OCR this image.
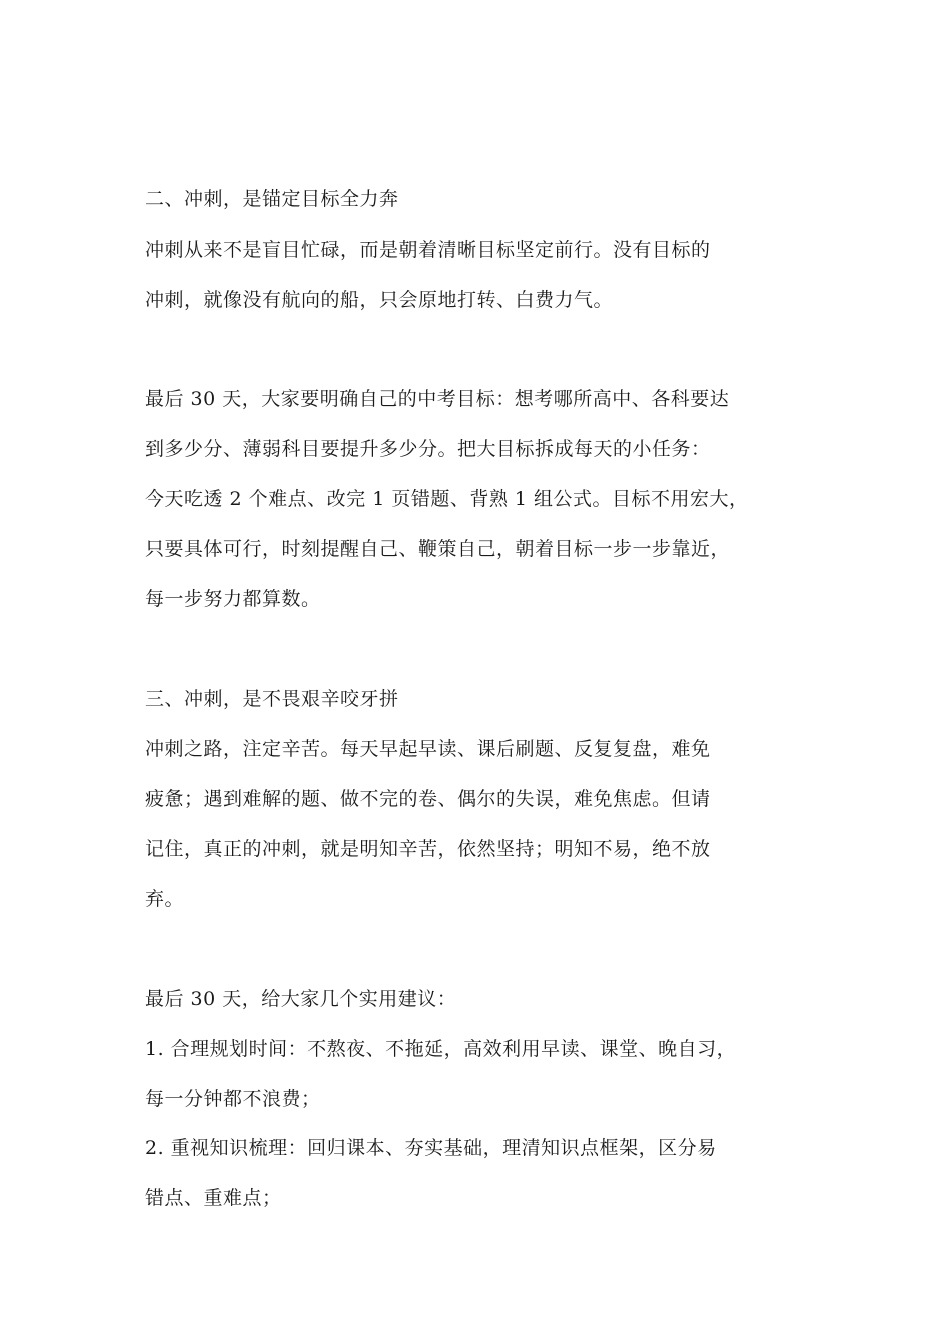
二、冲刺，是锚定目标全力奔
冲刺从来不是盲目忙碌，而是朝着清晰目标坚定前行。没有目标的
冲刺，就像没有航向的船，只会原地打转、白费力气。
最后 30 天，大家要明确自己的中考目标：想考哪所高中、各科要达
到多少分、薄弱科目要提升多少分。把大目标拆成每天的小任务：
今天吃透 2 个难点、改完 1 页错题、背熟 1 组公式。目标不用宏大，
只要具体可行，时刻提醒自己、鞭策自己，朝着目标一步一步靠近，
每一步努力都算数。
三、冲刺，是不畏艰辛咬牙拼
冲刺之路，注定辛苦。每天早起早读、课后刷题、反复复盘，难免
疲惫；遇到难解的题、做不完的卷、偶尔的失误，难免焦虑。但请
记住，真正的冲刺，就是明知辛苦，依然坚持；明知不易，绝不放
弃。
最后 30 天，给大家几个实用建议：
1. 合理规划时间：不熬夜、不拖延，高效利用早读、课堂、晚自习，
每一分钟都不浪费；
2. 重视知识梳理：回归课本、夯实基础，理清知识点框架，区分易
错点、重难点；
